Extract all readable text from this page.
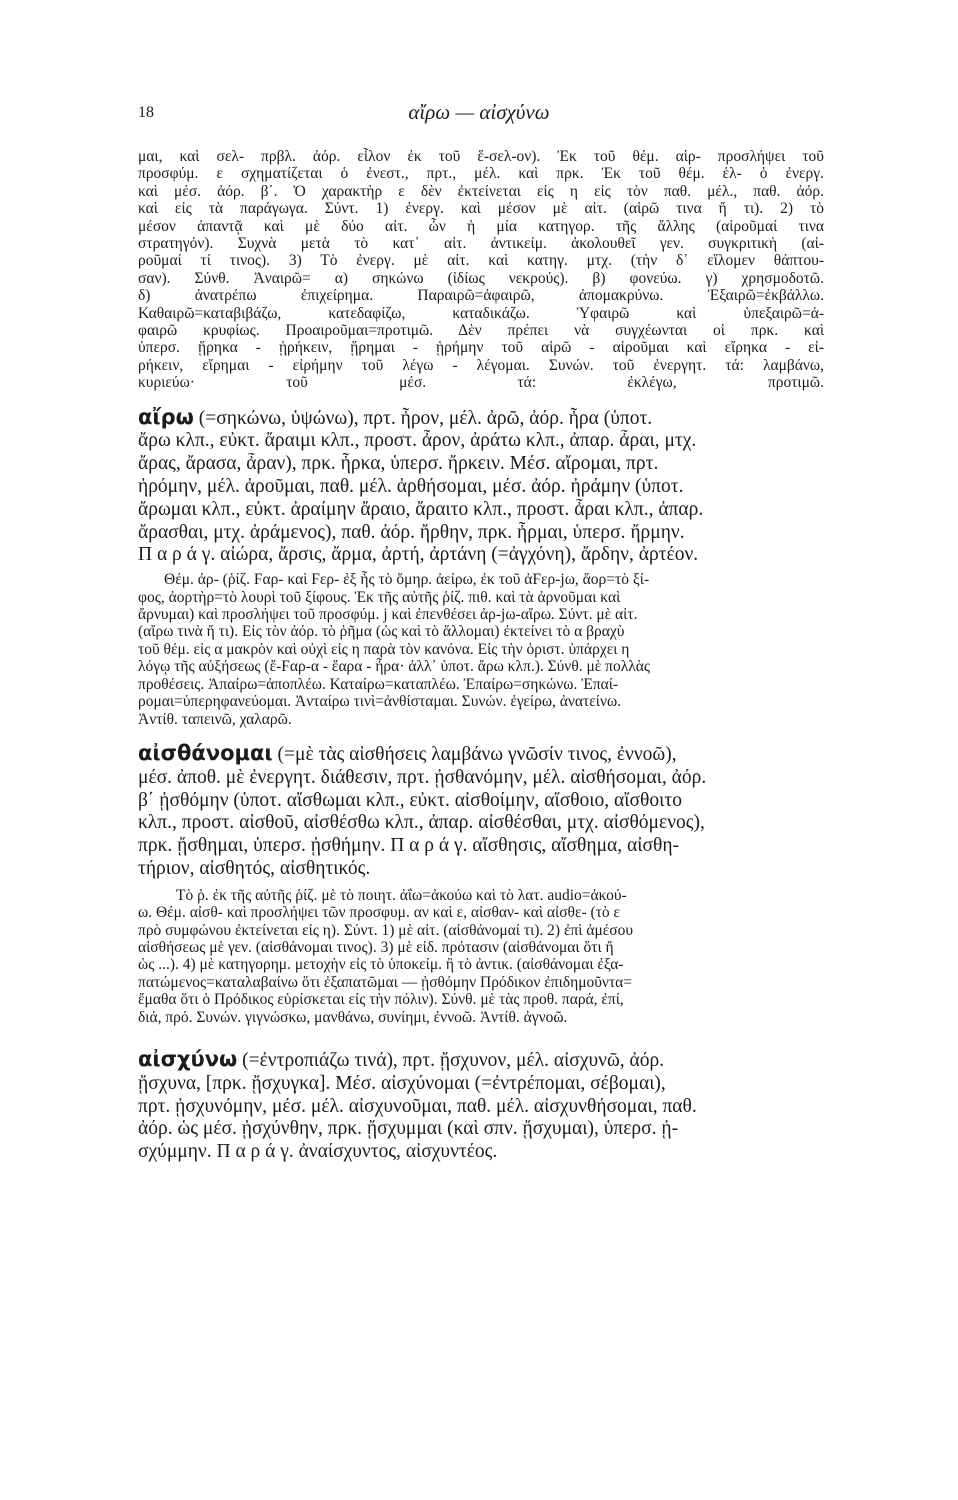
18	αἴρω — αἰσχύνω
μαι, καὶ σελ- πρβλ. ἀόρ. εἷλον ἐκ τοῦ ἕ-σελ-ον). Ἐκ τοῦ θέμ. αἱρ- προσλήψει τοῦ
προσφύμ. ε σχηματίζεται ὁ ἐνεστ., πρτ., μέλ. καὶ πρκ. Ἐκ τοῦ θέμ. ἑλ- ὁ ἐνεργ.
καὶ μέσ. ἀόρ. β΄. Ὁ χαρακτὴρ ε δὲν ἐκτείνεται εἰς η εἰς τὸν παθ. μέλ., παθ. ἀόρ.
καὶ εἰς τὰ παράγωγα. Σύντ. 1) ἐνεργ. καὶ μέσον μὲ αἰτ. (αἱρῶ τινα ἤ τι). 2) τὸ
μέσον ἀπαντᾷ καὶ μὲ δύο αἰτ. ὧν ἡ μία κατηγορ. τῆς ἄλλης (αἱροῦμαί τινα
στρατηγόν). Συχνὰ μετὰ τὸ κατ᾽ αἰτ. ἀντικείμ. ἀκολουθεῖ γεν. συγκριτικὴ (αἱ-
ροῦμαί τί τινος). 3) Τὸ ἐνεργ. μὲ αἰτ. καὶ κατηγ. μτχ. (τὴν δ᾽ εἵλομεν θάπτου-
σαν). Σύνθ. Ἀναιρῶ= α) σηκώνω (ἰδίως νεκρούς). β) φονεύω. γ) χρησμοδοτῶ.
δ) ἀνατρέπω ἐπιχείρημα. Παραιρῶ=ἀφαιρῶ, ἀπομακρύνω. Ἐξαιρῶ=ἐκβάλλω.
Καθαιρῶ=καταβιβάζω, κατεδαφίζω, καταδικάζω. Ὑφαιρῶ καὶ ὑπεξαιρῶ=ἀ-
φαιρῶ κρυφίως. Προαιροῦμαι=προτιμῶ. Δὲν πρέπει νὰ συγχέωνται οἱ πρκ. καὶ
ὑπερσ. ᾕρηκα - ᾑρήκειν, ᾕρημαι - ᾑρήμην τοῦ αἱρῶ - αἱροῦμαι καὶ εἴρηκα - εἰ-
ρήκειν, εἴρημαι - εἰρήμην τοῦ λέγω - λέγομαι. Συνών. τοῦ ἐνεργητ. τά: λαμβάνω,
κυριεύω· τοῦ μέσ. τά: ἐκλέγω, προτιμῶ.
αἴρω (=σηκώνω, ὑψώνω), πρτ. ἦρον, μέλ. ἀρῶ, ἀόρ. ἦρα (ὑποτ.
ἄρω κλπ., εὐκτ. ἄραιμι κλπ., προστ. ἆρον, ἀράτω κλπ., ἀπαρ. ἆραι, μτχ.
ἄρας, ἄρασα, ἆραν), πρκ. ἦρκα, ὑπερσ. ἤρκειν. Μέσ. αἴρομαι, πρτ.
ἠρόμην, μέλ. ἀροῦμαι, παθ. μέλ. ἀρθήσομαι, μέσ. ἀόρ. ἠράμην (ὑποτ.
ἄρωμαι κλπ., εὐκτ. ἀραίμην ἄραιο, ἄραιτο κλπ., προστ. ἆραι κλπ., ἀπαρ.
ἄρασθαι, μτχ. ἀράμενος), παθ. ἀόρ. ἤρθην, πρκ. ἦρμαι, ὑπερσ. ἤρμην.
Π α ρ ά γ. αἰώρα, ἄρσις, ἄρμα, ἀρτή, ἀρτάνη (=ἀγχόνη), ἄρδην, ἀρτέον.
Θέμ. ἀρ- (ῥίζ. Ϝαρ- καὶ Ϝερ- ἐξ ἧς τὸ ὅμηρ. ἀείρω, ἐκ τοῦ ἀϜερ-jω, ἄορ=τὸ ξί-
φος, ἀορτὴρ=τὸ λουρὶ τοῦ ξίφους. Ἐκ τῆς αὐτῆς ῥίζ. πιθ. καὶ τὰ ἀρνοῦμαι καὶ
ἄρνυμαι) καὶ προσλήψει τοῦ προσφύμ. j καὶ ἐπενθέσει ἀρ-jω-αἴρω. Σύντ. μὲ αἰτ.
(αἴρω τινὰ ἤ τι). Εἰς τὸν ἀόρ. τὸ ῥῆμα (ὡς καὶ τὸ ἅλλομαι) ἐκτείνει τὸ α βραχὺ
τοῦ θέμ. εἰς α μακρὸν καὶ οὐχὶ εἰς η παρὰ τὸν κανόνα. Εἰς τὴν ὁριστ. ὑπάρχει η
λόγῳ τῆς αὐξήσεως (ἔ-Ϝαρ-α - ἔαρα - ἦρα· ἀλλ᾽ ὑποτ. ἄρω κλπ.). Σύνθ. μὲ πολλὰς
προθέσεις. Ἀπαίρω=ἀποπλέω. Καταίρω=καταπλέω. Ἐπαίρω=σηκώνω. Ἐπαί-
ρομαι=ὑπερηφανεύομαι. Ἀνταίρω τινὶ=ἀνθίσταμαι. Συνών. ἐγείρω, ἀνατείνω.
Ἀντίθ. ταπεινῶ, χαλαρῶ.
αἰσθάνομαι (=μὲ τὰς αἰσθήσεις λαμβάνω γνῶσίν τινος, ἐννοῶ),
μέσ. ἀποθ. μὲ ἐνεργητ. διάθεσιν, πρτ. ᾐσθανόμην, μέλ. αἰσθήσομαι, ἀόρ.
β΄ ᾐσθόμην (ὑποτ. αἴσθωμαι κλπ., εὐκτ. αἰσθοίμην, αἴσθοιο, αἴσθοιτο
κλπ., προστ. αἰσθοῦ, αἰσθέσθω κλπ., ἀπαρ. αἰσθέσθαι, μτχ. αἰσθόμενος),
πρκ. ᾔσθημαι, ὑπερσ. ᾐσθήμην. Π α ρ ά γ. αἴσθησις, αἴσθημα, αἰσθη-
τήριον, αἰσθητός, αἰσθητικός.
Τὸ ῥ. ἐκ τῆς αὐτῆς ῥίζ. μὲ τὸ ποιητ. ἀΐω=ἀκούω καὶ τὸ λατ. audio=ἀκού-
ω. Θέμ. αἰσθ- καὶ προσλήψει τῶν προσφυμ. αν καὶ ε, αἰσθαν- καὶ αἰσθε- (τὸ ε
πρὸ συμφώνου ἐκτείνεται εἰς η). Σύντ. 1) μὲ αἰτ. (αἰσθάνομαί τι). 2) ἐπὶ ἀμέσου
αἰσθήσεως μὲ γεν. (αἰσθάνομαι τινος). 3) μὲ εἰδ. πρότασιν (αἰσθάνομαι ὅτι ἤ
ὡς ...). 4) μὲ κατηγορημ. μετοχὴν εἰς τὸ ὑποκείμ. ἢ τὸ ἀντικ. (αἰσθάνομαι ἐξα-
πατώμενος=καταλαβαίνω ὅτι ἐξαπατῶμαι — ᾐσθόμην Πρόδικον ἐπιδημοῦντα=
ἔμαθα ὅτι ὁ Πρόδικος εὑρίσκεται εἰς τὴν πόλιν). Σύνθ. μὲ τὰς προθ. παρά, ἐπί,
διά, πρό. Συνών. γιγνώσκω, μανθάνω, συνίημι, ἐννοῶ. Ἀντίθ. ἀγνοῶ.
αἰσχύνω (=ἐντροπιάζω τινά), πρτ. ᾔσχυνον, μέλ. αἰσχυνῶ, ἀόρ.
ᾔσχυνα, [πρκ. ᾔσχυγκα]. Μέσ. αἰσχύνομαι (=ἐντρέπομαι, σέβομαι),
πρτ. ᾐσχυνόμην, μέσ. μέλ. αἰσχυνοῦμαι, παθ. μέλ. αἰσχυνθήσομαι, παθ.
ἀόρ. ὡς μέσ. ᾐσχύνθην, πρκ. ᾔσχυμμαι (καὶ σπν. ᾔσχυμαι), ὑπερσ. ᾐ-
σχύμμην. Π α ρ ά γ. ἀναίσχυντος, αἰσχυντέος.
